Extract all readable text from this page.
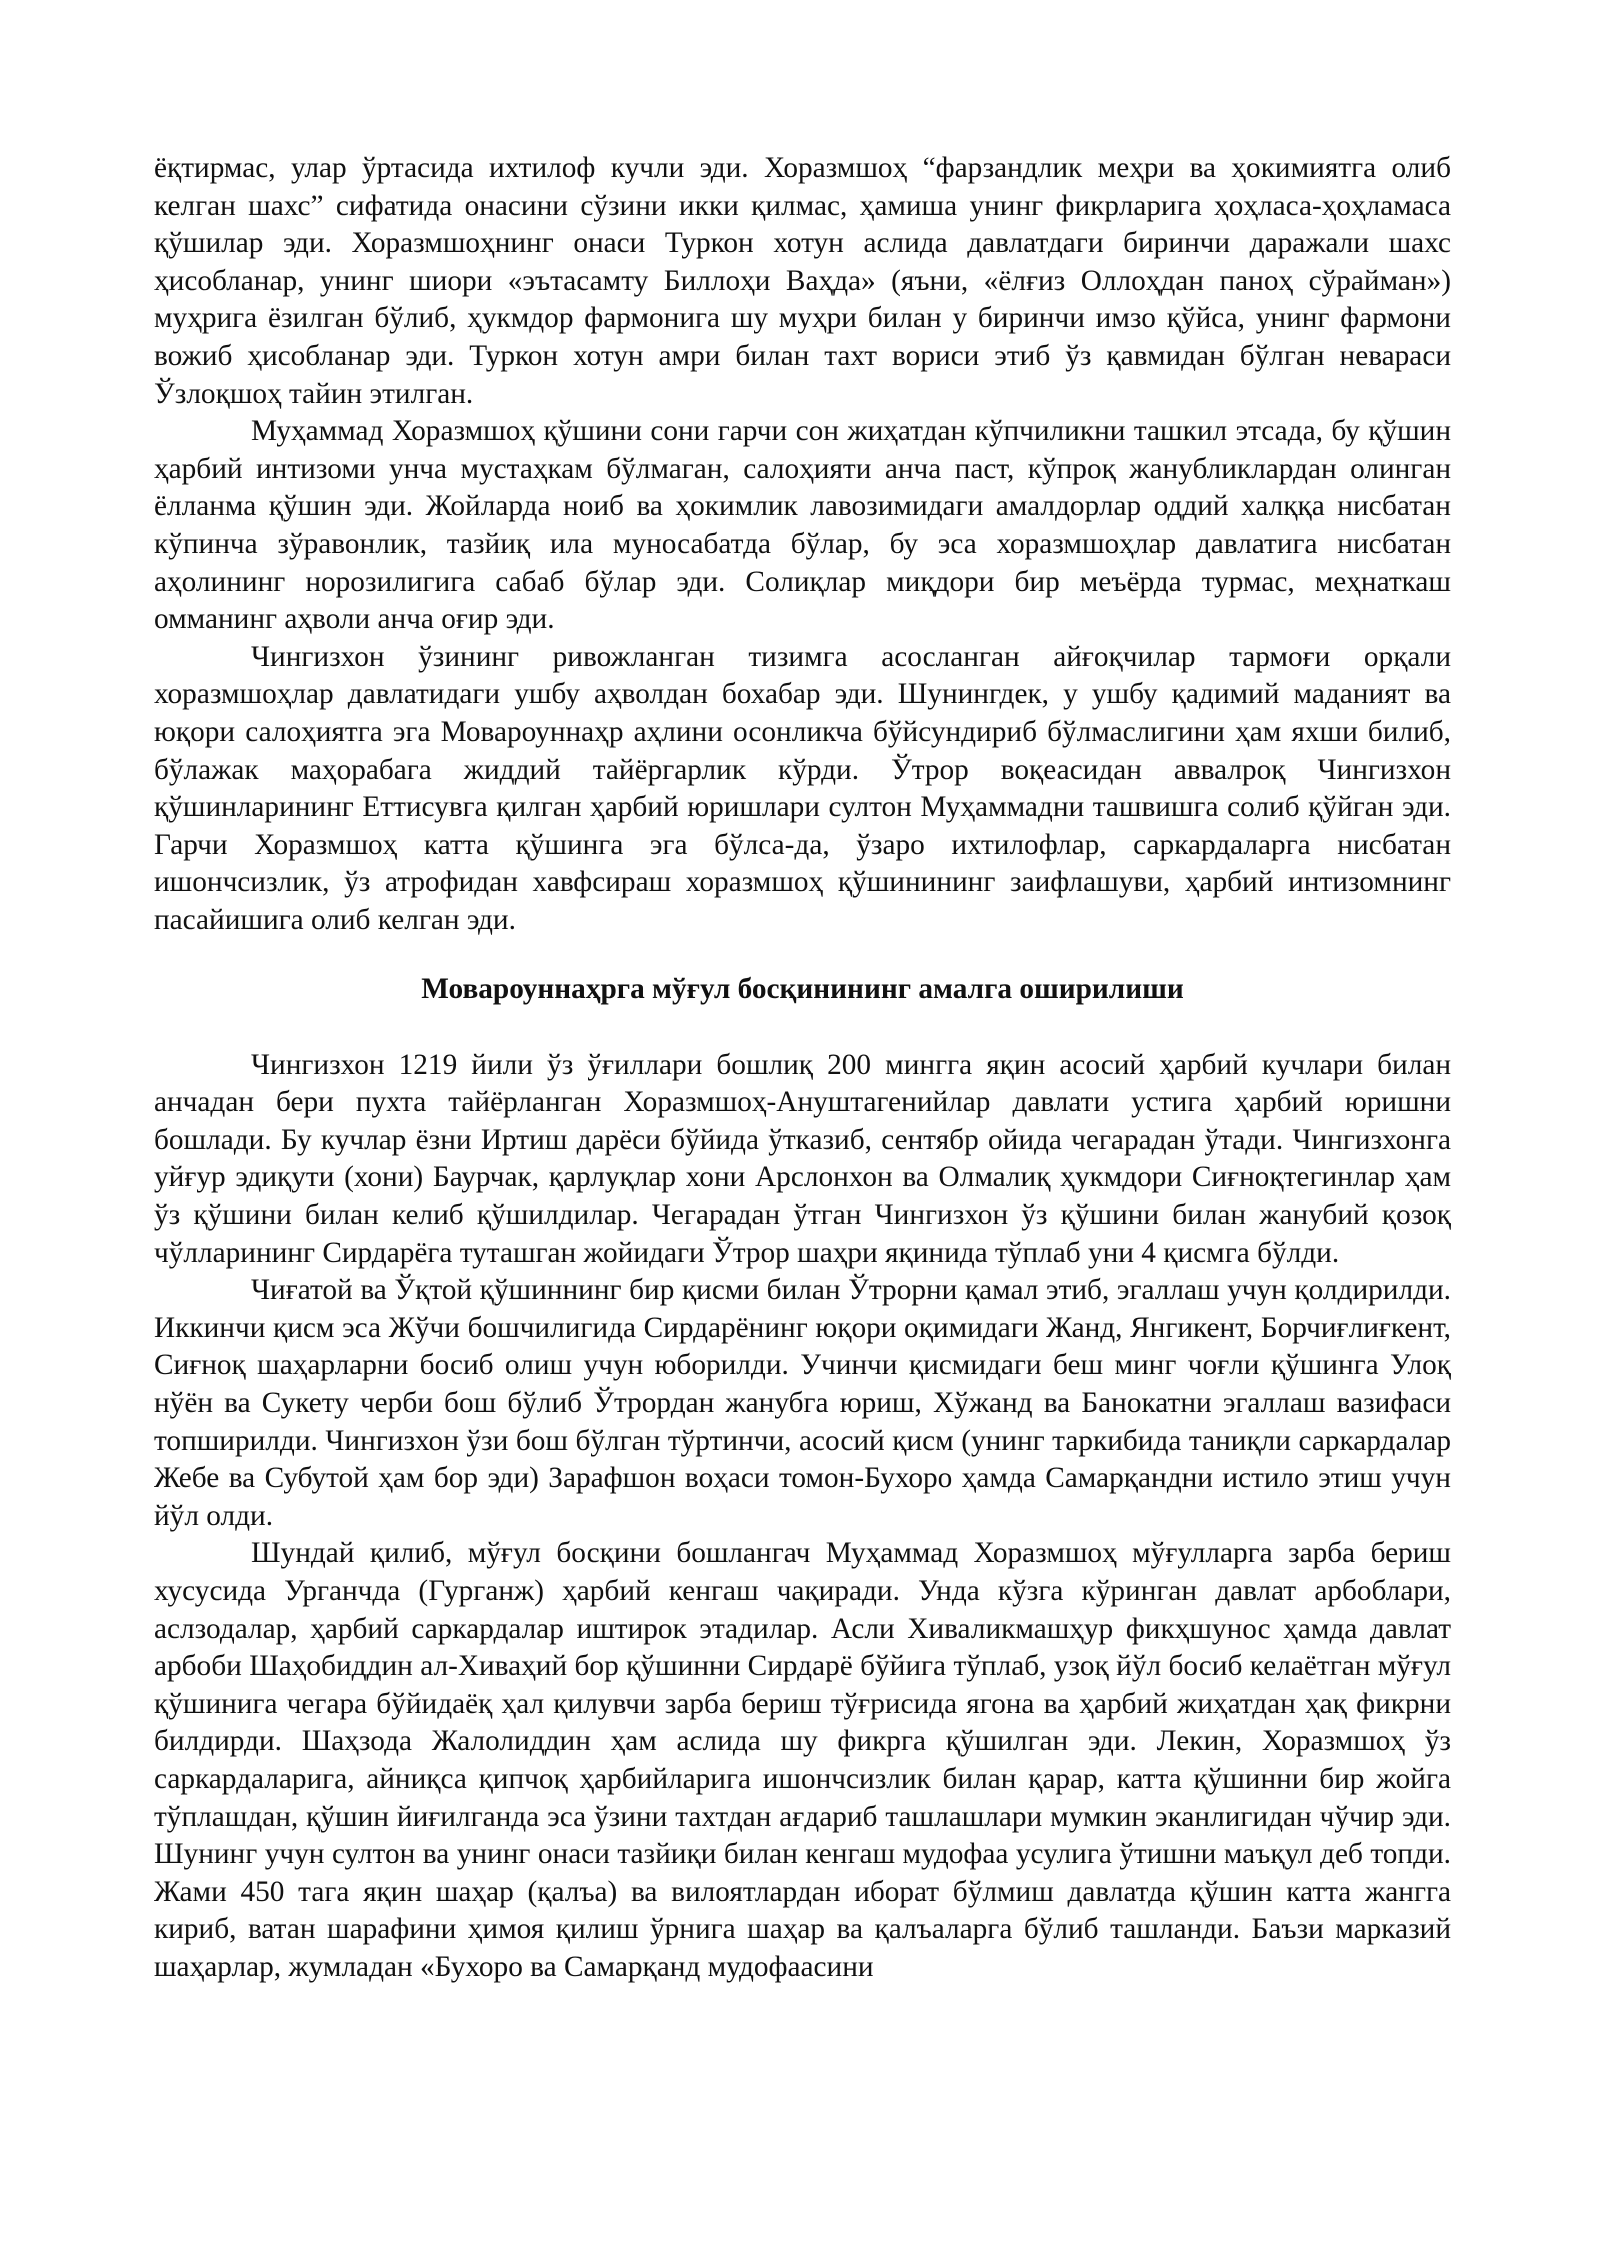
ёқтирмас, улар ўртасида ихтилоф кучли эди. Хоразмшоҳ “фарзандлик меҳри ва ҳокимиятга олиб келган шахс” сифатида онасини сўзини икки қилмас, ҳамиша унинг фикрларига ҳоҳласа-ҳоҳламаса қўшилар эди. Хоразмшоҳнинг онаси Туркон хотун аслида давлатдаги биринчи даражали шахс ҳисобланар, унинг шиори «эътасамту Биллоҳи Ваҳда» (яъни, «ёлғиз Оллоҳдан паноҳ сўрайман») муҳрига ёзилган бўлиб, ҳукмдор фармонига шу муҳри билан у биринчи имзо қўйса, унинг фармони вожиб ҳисобланар эди. Туркон хотун амри билан тахт вориси этиб ўз қавмидан бўлган невараси Ўзлоқшоҳ тайин этилган.

Муҳаммад Хоразмшоҳ қўшини сони гарчи сон жиҳатдан кўпчиликни ташкил этсада, бу қўшин ҳарбий интизоми унча мустаҳкам бўлмаган, салоҳияти анча паст, кўпроқ жанубликлардан олинган ёлланма қўшин эди. Жойларда ноиб ва ҳокимлик лавозимидаги амалдорлар оддий халққа нисбатан кўпинча зўравонлик, тазйиқ ила муносабатда бўлар, бу эса хоразмшоҳлар давлатига нисбатан аҳолининг норозилигига сабаб бўлар эди. Солиқлар миқдори бир меъёрда турмас, меҳнаткаш омманинг аҳволи анча оғир эди.

Чингизхон ўзининг ривожланган тизимга асосланган айғоқчилар тармоғи орқали хоразмшоҳлар давлатидаги ушбу аҳволдан бохабар эди. Шунингдек, у ушбу қадимий маданият ва юқори салоҳиятга эга Мовароуннаҳр аҳлини осонликча бўйсундириб бўлмаслигини ҳам яхши билиб, бўлажак маҳорабага жиддий тайёргарлик кўрди. Ўтрор воқеасидан аввалроқ Чингизхон қўшинларининг Еттисувга қилган ҳарбий юришлари султон Муҳаммадни ташвишга солиб қўйган эди. Гарчи Хоразмшоҳ катта қўшинга эга бўлса-да, ўзаро ихтилофлар, саркардаларга нисбатан ишончсизлик, ўз атрофидан хавфсираш хоразмшоҳ қўшинининг заифлашуви, ҳарбий интизомнинг пасайишига олиб келган эди.

Мовароуннаҳрга мўғул босқинининг амалга оширилиши

Чингизхон 1219 йили ўз ўғиллари бошлиқ 200 мингга яқин асосий ҳарбий кучлари билан анчадан бери пухта тайёрланган Хоразмшоҳ-Ануштагенийлар давлати устига ҳарбий юришни бошлади. Бу кучлар ёзни Иртиш дарёси бўйида ўтказиб, сентябр ойида чегарадан ўтади. Чингизхонга уйғур эдиқути (хони) Баурчак, қарлуқлар хони Арслонхон ва Олмалиқ ҳукмдори Сиғноқтегинлар ҳам ўз қўшини билан келиб қўшилдилар. Чегарадан ўтган Чингизхон ўз қўшини билан жанубий қозоқ чўлларининг Сирдарёга туташган жойидаги Ўтрор шаҳри яқинида тўплаб уни 4 қисмга бўлди.

Чиғатой ва Ўқтой қўшиннинг бир қисми билан Ўтрорни қамал этиб, эгаллаш учун қолдирилди. Иккинчи қисм эса Жўчи бошчилигида Сирдарёнинг юқори оқимидаги Жанд, Янгикент, Борчиғлиғкент, Сиғноқ шаҳарларни босиб олиш учун юборилди. Учинчи қисмидаги беш минг чоғли қўшинга Улоқ нўён ва Сукету черби бош бўлиб Ўтрордан жанубга юриш, Хўжанд ва Банокатни эгаллаш вазифаси топширилди. Чингизхон ўзи бош бўлган тўртинчи, асосий қисм (унинг таркибида таниқли саркардалар Жебе ва Субутой ҳам бор эди) Зарафшон воҳаси томон-Бухоро ҳамда Самарқандни истило этиш учун йўл олди.

Шундай қилиб, мўғул босқини бошлангач Муҳаммад Хоразмшоҳ мўғулларга зарба бериш хусусида Урганчда (Гурганж) ҳарбий кенгаш чақиради. Унда кўзга кўринган давлат арбоблари, аслзодалар, ҳарбий саркардалар иштирок этадилар. Асли Хиваликмашҳур фикҳшунос ҳамда давлат арбоби Шаҳобиддин ал-Хиваҳий бор қўшинни Сирдарё бўйига тўплаб, узоқ йўл босиб келаётган мўғул қўшинига чегара бўйидаёқ ҳал қилувчи зарба бериш тўғрисида ягона ва ҳарбий жиҳатдан ҳақ фикрни билдирди. Шаҳзода Жалолиддин ҳам аслида шу фикрга қўшилган эди. Лекин, Хоразмшоҳ ўз саркардаларига, айниқса қипчоқ ҳарбийларига ишончсизлик билан қарар, катта қўшинни бир жойга тўплашдан, қўшин йиғилганда эса ўзини тахтдан ағдариб ташлашлари мумкин эканлигидан чўчир эди. Шунинг учун султон ва унинг онаси тазйиқи билан кенгаш мудофаа усулига ўтишни маъқул деб топди. Жами 450 тага яқин шаҳар (қалъа) ва вилоятлардан иборат бўлмиш давлатда қўшин катта жангга кириб, ватан шарафини ҳимоя қилиш ўрнига шаҳар ва қалъаларга бўлиб ташланди. Баъзи марказий шаҳарлар, жумладан «Бухоро ва Самарқанд мудофаасини
